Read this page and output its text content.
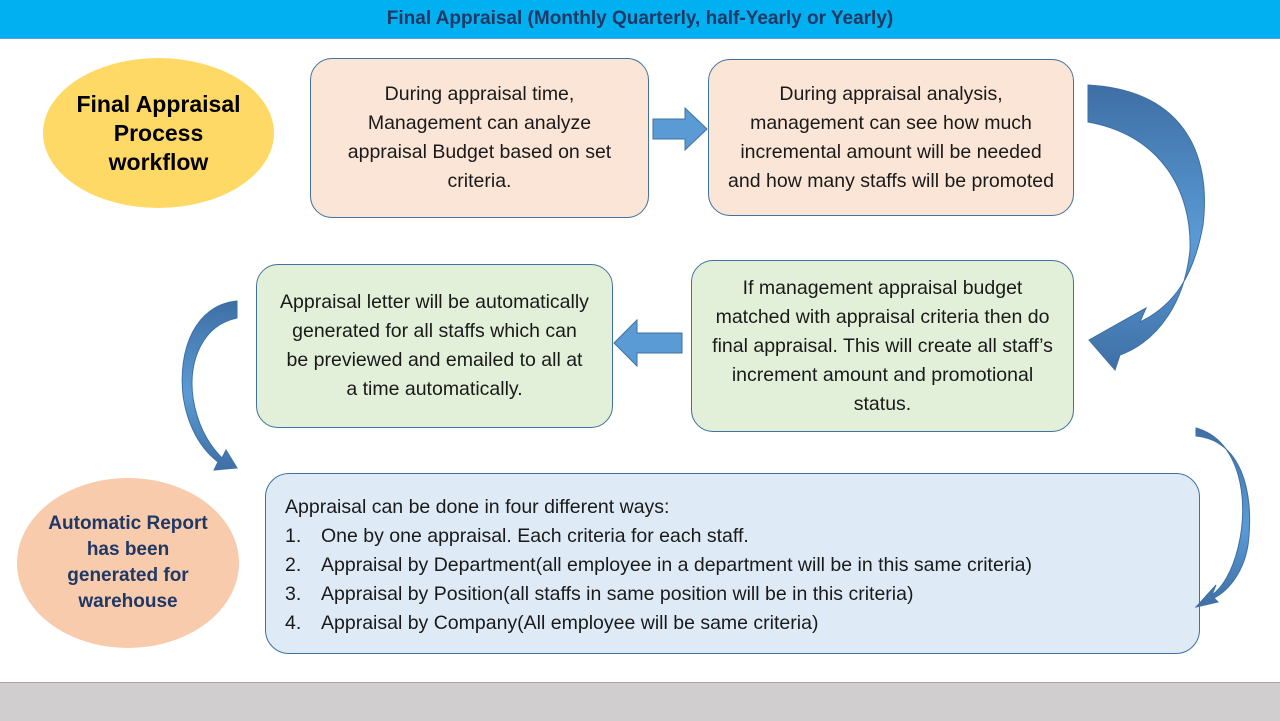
Final Appraisal (Monthly Quarterly, half-Yearly or Yearly)
Final Appraisal Process workflow
During appraisal time, Management can analyze appraisal Budget based on set criteria.
During appraisal analysis, management can see how much incremental amount will be needed and how many staffs will be promoted
If management appraisal budget matched with appraisal criteria then do final appraisal. This will create all staff’s increment amount and promotional status.
Appraisal letter will be automatically generated for all staffs which can be previewed and emailed to all at a time automatically.
Automatic Report has been generated for warehouse
Appraisal can be done in four different ways:
1.	One by one appraisal. Each criteria for each staff.
2.	Appraisal by Department(all employee in a department will be in this same criteria)
3.	Appraisal by Position(all staffs in same position will be in this criteria)
4.	Appraisal by Company(All employee will be same criteria)
